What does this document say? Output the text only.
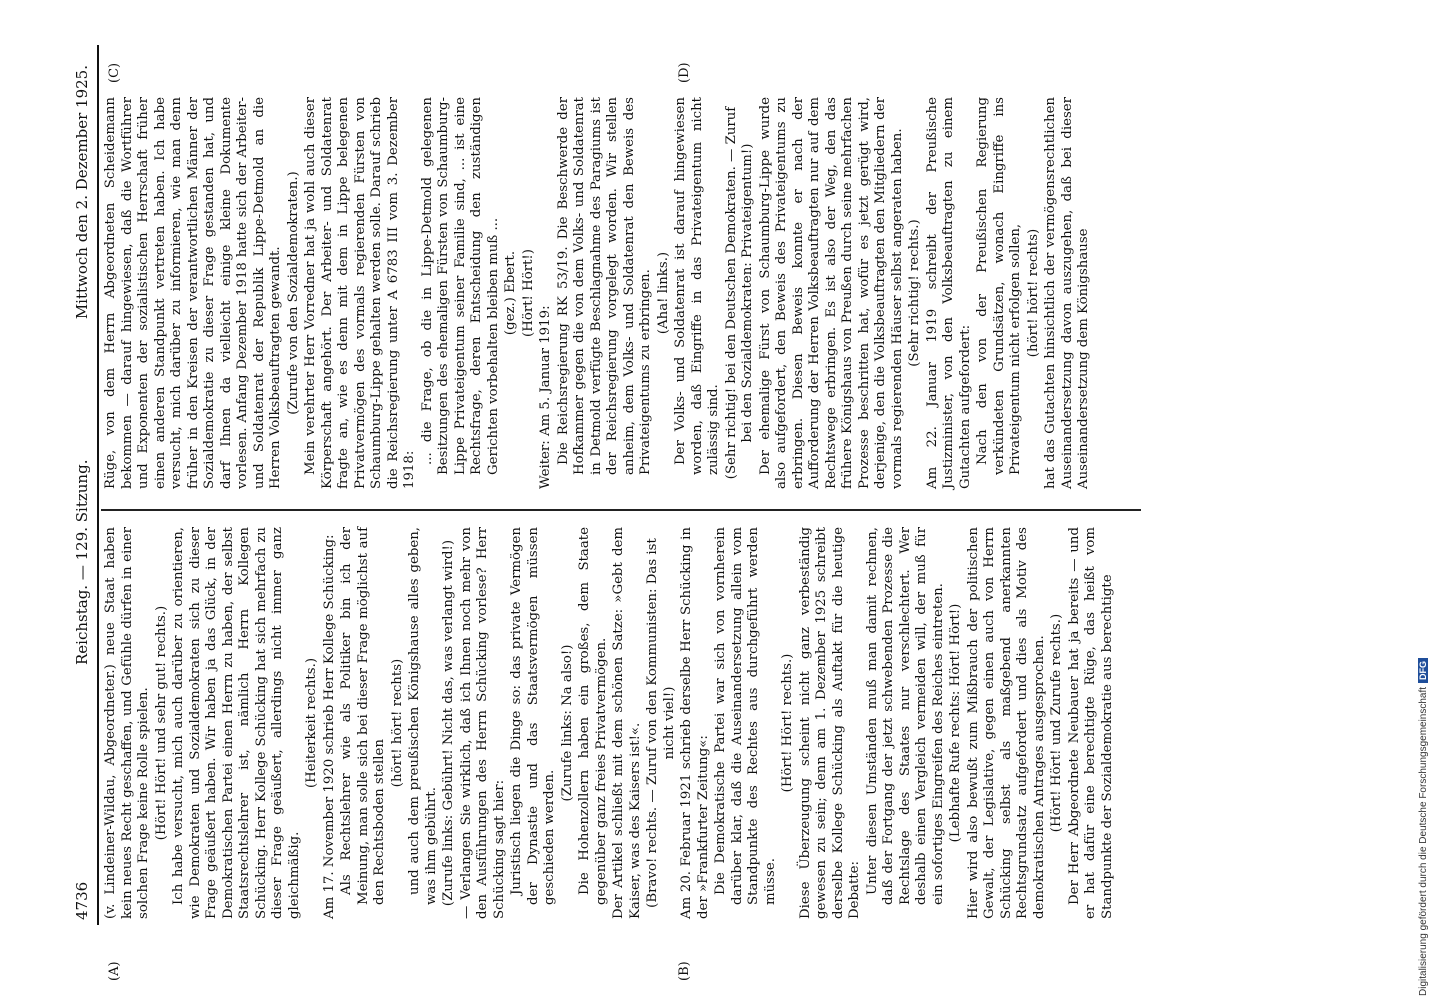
4736
Reichstag. — 129. Sitzung.
Mittwoch den 2. Dezember 1925.

(v. Lindeiner-Wildau, Abgeordneter.) neue Staat haben kein neues Recht geschaffen, und Gefühle dürfen in einer solchen Frage keine Rolle spielen. (Hört! Hört! und sehr gut! rechts.) Ich habe versucht, mich auch darüber zu orientieren, wie Demokraten und Sozialdemokraten sich zu dieser Frage geäußert haben. Wir haben ja das Glück, in der Demokratischen Partei einen Herrn zu haben, der selbst Staatsrechtslehrer ist, nämlich Herrn Kollegen Schücking. Herr Kollege Schücking hat sich mehrfach zu dieser Frage geäußert, allerdings nicht immer ganz gleichmäßig.

(Heiterkeit rechts.) Am 17. November 1920 schrieb Herr Kollege Schücking: Als Rechtslehrer wie als Politiker bin ich der Meinung, man solle sich bei dieser Frage möglichst auf den Rechtsboden stellen

(hört! hört! rechts) und auch dem preußischen Königshause alles geben, was ihm gebührt. (Zurufe links: Gebührt! Nicht das, was verlangt wird!) — Verlangen Sie wirklich, daß ich Ihnen noch mehr von den Ausführungen des Herrn Schücking vorlese? Herr Schücking sagt hier: Juristisch liegen die Dinge so: das private Vermögen der Dynastie und das Staatsvermögen müssen geschieden werden.

(Zurufe links: Na also!) Die Hohenzollern haben ein großes, dem Staate gegenüber ganz freies Privatvermögen. Der Artikel schließt mit dem schönen Satze: »Gebt dem Kaiser, was des Kaisers ist!«. (Bravo! rechts. — Zuruf von den Kommunisten: Das ist nicht viel!) Am 20. Februar 1921 schrieb derselbe Herr Schücking in der »Frankfurter Zeitung«: Die Demokratische Partei war sich von vornherein darüber klar, daß die Auseinandersetzung allein vom Standpunkte des Rechtes aus durchgeführt werden müsse.

(Hört! Hört! rechts.) Diese Überzeugung scheint nicht ganz verbeständig gewesen zu sein; denn am 1. Dezember 1925 schreibt derselbe Kollege Schücking als Auftakt für die heutige Debatte: Unter diesen Umständen muß man damit rechnen, daß der Fortgang der jetzt schwebenden Prozesse die Rechtslage des Staates nur verschlechtert. Wer deshalb einen Vergleich vermeiden will, der muß für ein sofortiges Eingreifen des Reiches eintreten. (Lebhafte Rufe rechts: Hört! Hört!) Hier wird also bewußt zum Mißbrauch der politischen Gewalt, der Legislative, gegen einen auch von Herrn Schücking selbst als maßgebend anerkannten Rechtsgrundsatz aufgefordert und dies als Motiv des demokratischen Antrages ausgesprochen. (Hört! Hört! und Zurufe rechts.) Der Herr Abgeordnete Neubauer hat ja bereits — und er hat dafür eine berechtigte Rüge, das heißt vom Standpunkte der Sozialdemokratie aus berechtigte

Rüge, von dem Herrn Abgeordneten Scheidemann bekommen — darauf hingewiesen, daß die Wortführer und Exponenten der sozialistischen Herrschaft früher einen anderen Standpunkt vertreten haben. Ich habe versucht, mich darüber zu informieren, wie man denn früher in den Kreisen der verantwortlichen Männer der Sozialdemokratie zu dieser Frage gestanden hat, und darf Ihnen da vielleicht einige kleine Dokumente vorlesen. Anfang Dezember 1918 hatte sich der Arbeiter- und Soldatenrat der Republik Lippe-Detmold an die Herren Volksbeauftragten gewandt. (Zurufe von den Sozialdemokraten.) Mein verehrter Herr Vorredner hat ja wohl auch dieser Körperschaft angehört. Der Arbeiter- und Soldatenrat fragte an, wie es denn mit dem in Lippe belegenen Privatvermögen des vormals regierenden Fürsten von Schaumburg-Lippe gehalten werden solle. Darauf schrieb die Reichsregierung unter A 6783 III vom 3. Dezember 1918:

... die Frage, ob die in Lippe-Detmold gelegenen Besitzungen des ehemaligen Fürsten von Schaumburg-Lippe Privateigentum seiner Familie sind, ... ist eine Rechtsfrage, deren Entscheidung den zuständigen Gerichten vorbehalten bleiben muß ... (gez.) Ebert. (Hört! Hört!)

Weiter: Am 5. Januar 1919: Die Reichsregierung RK 53/19. Die Beschwerde der Hofkammer gegen die von dem Volks- und Soldatenrat in Detmold verfügte Beschlagnahme des Paragiums ist der Reichsregierung vorgelegt worden. Wir stellen anheim, dem Volks- und Soldatenrat den Beweis des Privateigentums zu erbringen. (Aha! links.) Der Volks- und Soldatenrat ist darauf hingewiesen worden, daß Eingriffe in das Privateigentum nicht zulässig sind. (Sehr richtig! bei den Deutschen Demokraten. — Zuruf bei den Sozialdemokraten: Privateigentum!) Der ehemalige Fürst von Schaumburg-Lippe wurde also aufgefordert, den Beweis des Privateigentums zu erbringen. Diesen Beweis konnte er nach der Aufforderung der Herren Volksbeauftragten nur auf dem Rechtswege erbringen. Es ist also der Weg, den das frühere Königshaus von Preußen durch seine mehrfachen Prozesse beschritten hat, wofür es jetzt gerügt wird, derjenige, den die Volksbeauftragten den Mitgliedern der vormals regierenden Häuser selbst angeraten haben. (Sehr richtig! rechts.) Am 22. Januar 1919 schreibt der Preußische Justizminister, von den Volksbeauftragten zu einem Gutachten aufgefordert: Nach den von der Preußischen Regierung verkündeten Grundsätzen, wonach Eingriffe ins Privateigentum nicht erfolgen sollen, (hört! hört! rechts) hat das Gutachten hinsichtlich der vermögensrechtlichen Auseinandersetzung davon auszugehen, daß bei dieser Auseinandersetzung dem Königshause

(A)	(B)
(C)	(D)
Digitalisierung gefördert durch die Deutsche ForschungsgemeinschaftDFG
